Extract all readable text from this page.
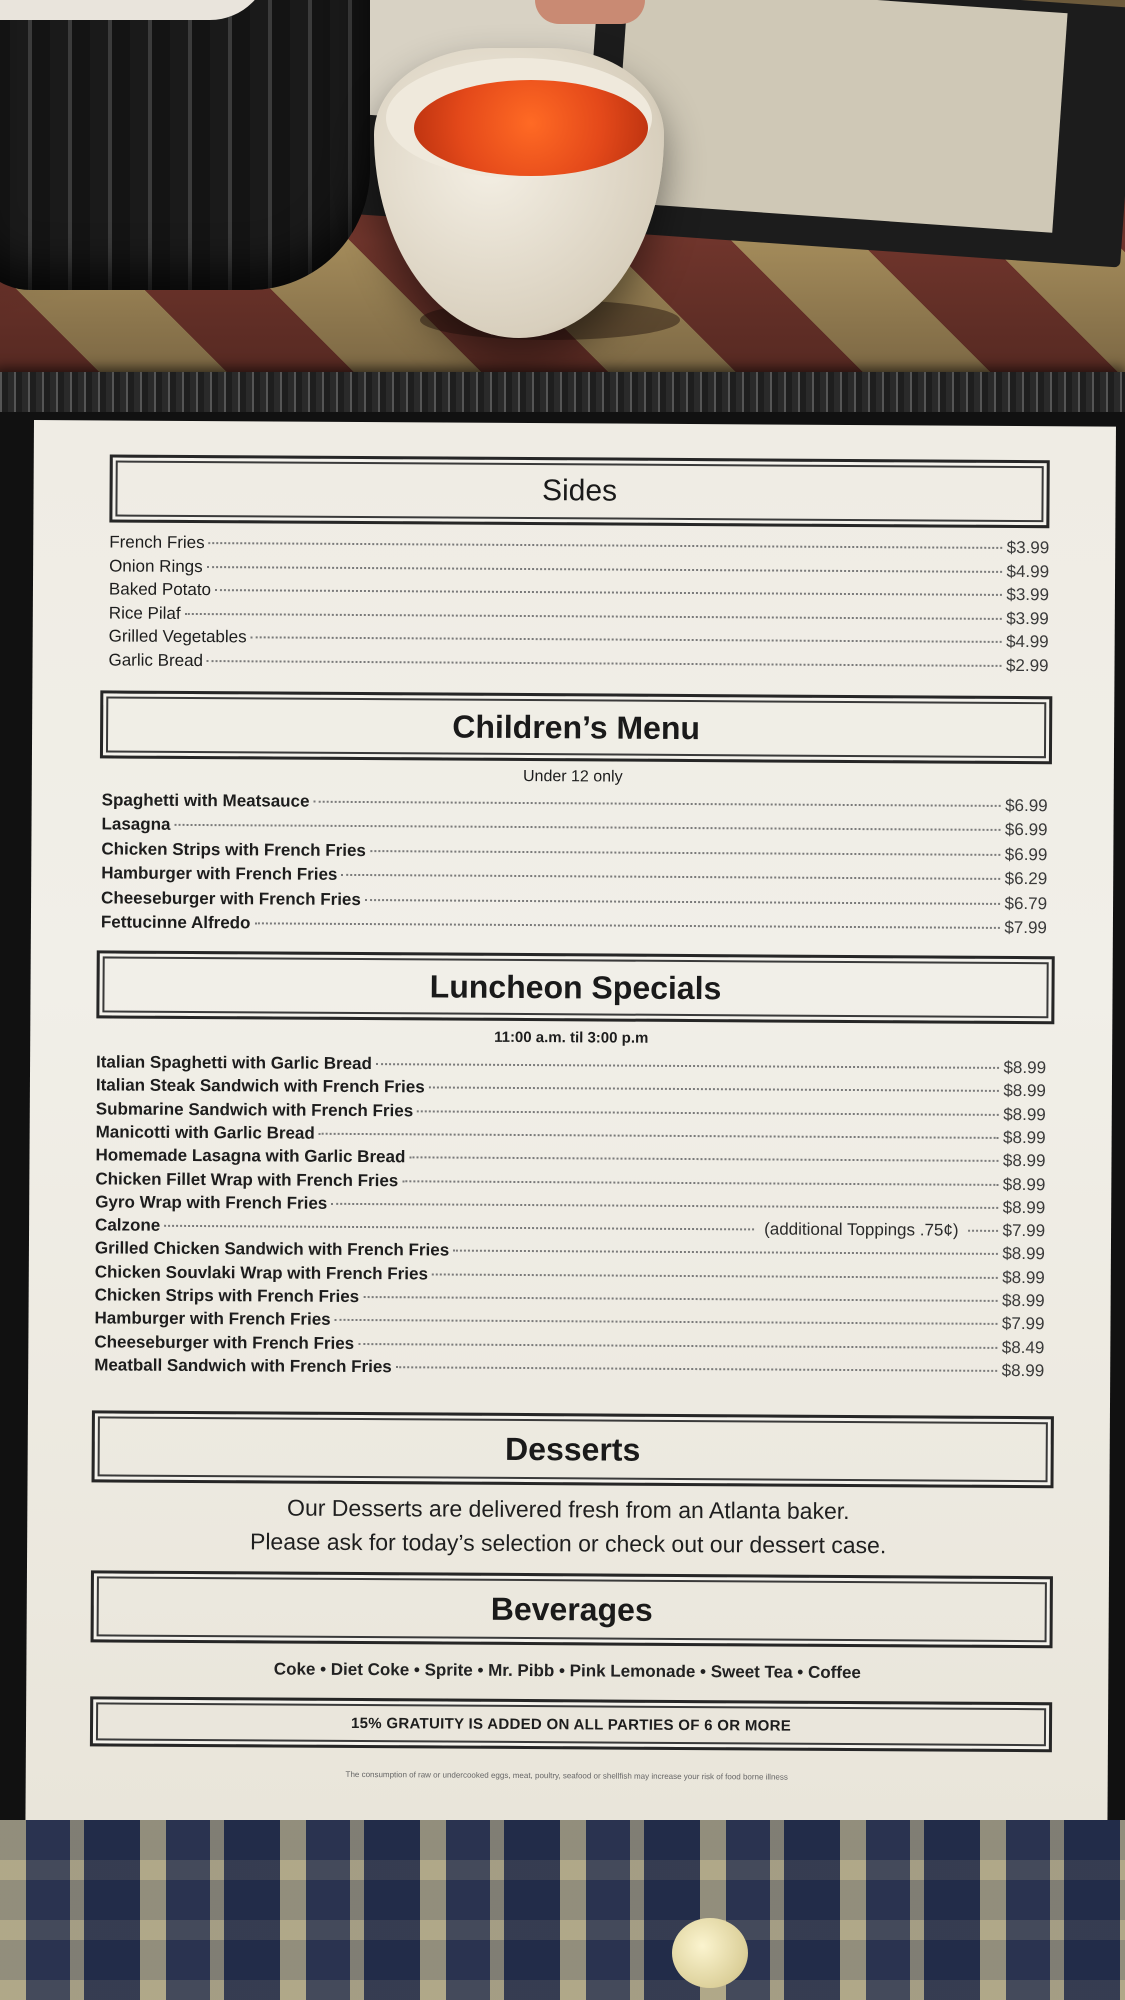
Sides
French Fries	$3.99
Onion Rings	$4.99
Baked Potato	$3.99
Rice Pilaf	$3.99
Grilled Vegetables	$4.99
Garlic Bread	$2.99
Children’s Menu
Under 12 only
Spaghetti with Meatsauce	$6.99
Lasagna	$6.99
Chicken Strips with French Fries	$6.99
Hamburger with French Fries	$6.29
Cheeseburger with French Fries	$6.79
Fettucinne Alfredo	$7.99
Luncheon Specials
11:00 a.m. til 3:00 p.m
Italian Spaghetti with Garlic Bread	$8.99
Italian Steak Sandwich with French Fries	$8.99
Submarine Sandwich with French Fries	$8.99
Manicotti with Garlic Bread	$8.99
Homemade Lasagna with Garlic Bread	$8.99
Chicken Fillet Wrap with French Fries	$8.99
Gyro Wrap with French Fries	$8.99
Calzone	(additional Toppings .75¢)	$7.99
Grilled Chicken Sandwich with French Fries	$8.99
Chicken Souvlaki Wrap with French Fries	$8.99
Chicken Strips with French Fries	$8.99
Hamburger with French Fries	$7.99
Cheeseburger with French Fries	$8.49
Meatball Sandwich with French Fries	$8.99
Desserts
Our Desserts are delivered fresh from an Atlanta baker.
Please ask for today’s selection or check out our dessert case.
Beverages
Coke • Diet Coke • Sprite • Mr. Pibb • Pink Lemonade • Sweet Tea • Coffee
15% GRATUITY IS ADDED ON ALL PARTIES OF 6 OR MORE
The consumption of raw or undercooked eggs, meat, poultry, seafood or shellfish may increase your risk of food borne illness
